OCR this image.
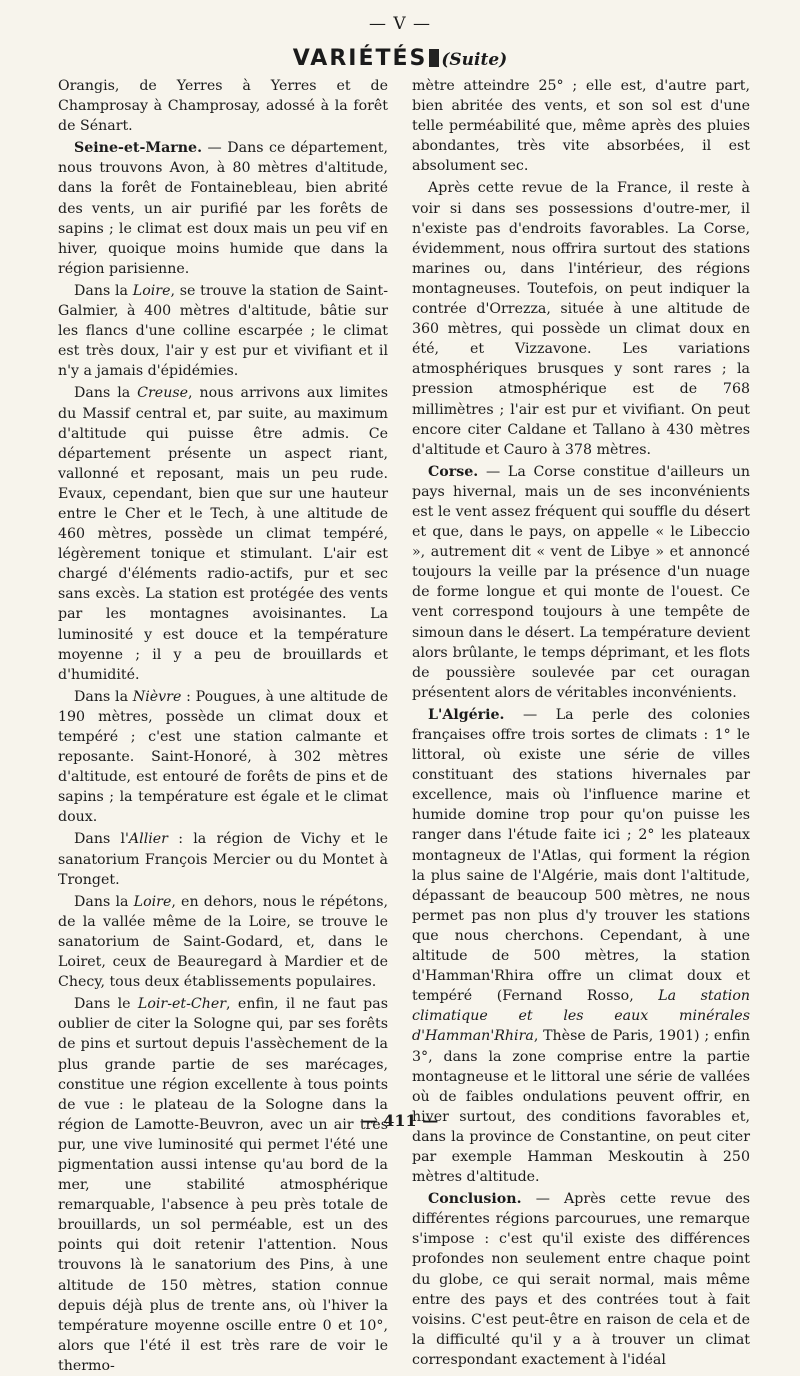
— V —
VARIÉTÉS (Suite)

Orangis, de Yerres à Yerres et de Champrosay à Champrosay, adossé à la forêt de Sénart.

Seine-et-Marne. — Dans ce département, nous trouvons Avon, à 80 mètres d'altitude, dans la forêt de Fontainebleau, bien abrité des vents, un air purifié par les forêts de sapins ; le climat est doux mais un peu vif en hiver, quoique moins humide que dans la région parisienne.

Dans la Loire, se trouve la station de Saint-Galmier, à 400 mètres d'altitude, bâtie sur les flancs d'une colline escarpée ; le climat est très doux, l'air y est pur et vivifiant et il n'y a jamais d'épidémies.

Dans la Creuse, nous arrivons aux limites du Massif central et, par suite, au maximum d'altitude qui puisse être admis. Ce département présente un aspect riant, vallonné et reposant, mais un peu rude. Evaux, cependant, bien que sur une hauteur entre le Cher et le Tech, à une altitude de 460 mètres, possède un climat tempéré, légèrement tonique et stimulant. L'air est chargé d'éléments radio-actifs, pur et sec sans excès. La station est protégée des vents par les montagnes avoisinantes. La luminosité y est douce et la température moyenne ; il y a peu de brouillards et d'humidité.

Dans la Nièvre : Pougues, à une altitude de 190 mètres, possède un climat doux et tempéré ; c'est une station calmante et reposante. Saint-Honoré, à 302 mètres d'altitude, est entouré de forêts de pins et de sapins ; la température est égale et le climat doux.

Dans l'Allier : la région de Vichy et le sanatorium François Mercier ou du Montet à Tronget.

Dans la Loire, en dehors, nous le répétons, de la vallée même de la Loire, se trouve le sanatorium de Saint-Godard, et, dans le Loiret, ceux de Beauregard à Mardier et de Checy, tous deux établissements populaires.

Dans le Loir-et-Cher, enfin, il ne faut pas oublier de citer la Sologne qui, par ses forêts de pins et surtout depuis l'assèchement de la plus grande partie de ses marécages, constitue une région excellente à tous points de vue : le plateau de la Sologne dans la région de Lamotte-Beuvron, avec un air très pur, une vive luminosité qui permet l'été une pigmentation aussi intense qu'au bord de la mer, une stabilité atmosphérique remarquable, l'absence à peu près totale de brouillards, un sol perméable, est un des points qui doit retenir l'attention. Nous trouvons là le sanatorium des Pins, à une altitude de 150 mètres, station connue depuis déjà plus de trente ans, où l'hiver la température moyenne oscille entre 0 et 10°, alors que l'été il est très rare de voir le thermo-

mètre atteindre 25° ; elle est, d'autre part, bien abritée des vents, et son sol est d'une telle perméabilité que, même après des pluies abondantes, très vite absorbées, il est absolument sec.

Après cette revue de la France, il reste à voir si dans ses possessions d'outre-mer, il n'existe pas d'endroits favorables. La Corse, évidemment, nous offrira surtout des stations marines ou, dans l'intérieur, des régions montagneuses. Toutefois, on peut indiquer la contrée d'Orrezza, située à une altitude de 360 mètres, qui possède un climat doux en été, et Vizzavone. Les variations atmosphériques brusques y sont rares ; la pression atmosphérique est de 768 millimètres ; l'air est pur et vivifiant. On peut encore citer Caldane et Tallano à 430 mètres d'altitude et Cauro à 378 mètres.

Corse. — La Corse constitue d'ailleurs un pays hivernal, mais un de ses inconvénients est le vent assez fréquent qui souffle du désert et que, dans le pays, on appelle « le Libeccio », autrement dit « vent de Libye » et annoncé toujours la veille par la présence d'un nuage de forme longue et qui monte de l'ouest. Ce vent correspond toujours à une tempête de simoun dans le désert. La température devient alors brûlante, le temps déprimant, et les flots de poussière soulevée par cet ouragan présentent alors de véritables inconvénients.

L'Algérie. — La perle des colonies françaises offre trois sortes de climats : 1° le littoral, où existe une série de villes constituant des stations hivernales par excellence, mais où l'influence marine et humide domine trop pour qu'on puisse les ranger dans l'étude faite ici ; 2° les plateaux montagneux de l'Atlas, qui forment la région la plus saine de l'Algérie, mais dont l'altitude, dépassant de beaucoup 500 mètres, ne nous permet pas non plus d'y trouver les stations que nous cherchons. Cependant, à une altitude de 500 mètres, la station d'Hamman'Rhira offre un climat doux et tempéré (Fernand Rosso, La station climatique et les eaux minérales d'Hamman'Rhira, Thèse de Paris, 1901) ; enfin 3°, dans la zone comprise entre la partie montagneuse et le littoral une série de vallées où de faibles ondulations peuvent offrir, en hiver surtout, des conditions favorables et, dans la province de Constantine, on peut citer par exemple Hamman Meskoutin à 250 mètres d'altitude.

Conclusion. — Après cette revue des différentes régions parcourues, une remarque s'impose : c'est qu'il existe des différences profondes non seulement entre chaque point du globe, ce qui serait normal, mais même entre des pays et des contrées tout à fait voisins. C'est peut-être en raison de cela et de la difficulté qu'il y a à trouver un climat correspondant exactement à l'idéal

— 411 —
